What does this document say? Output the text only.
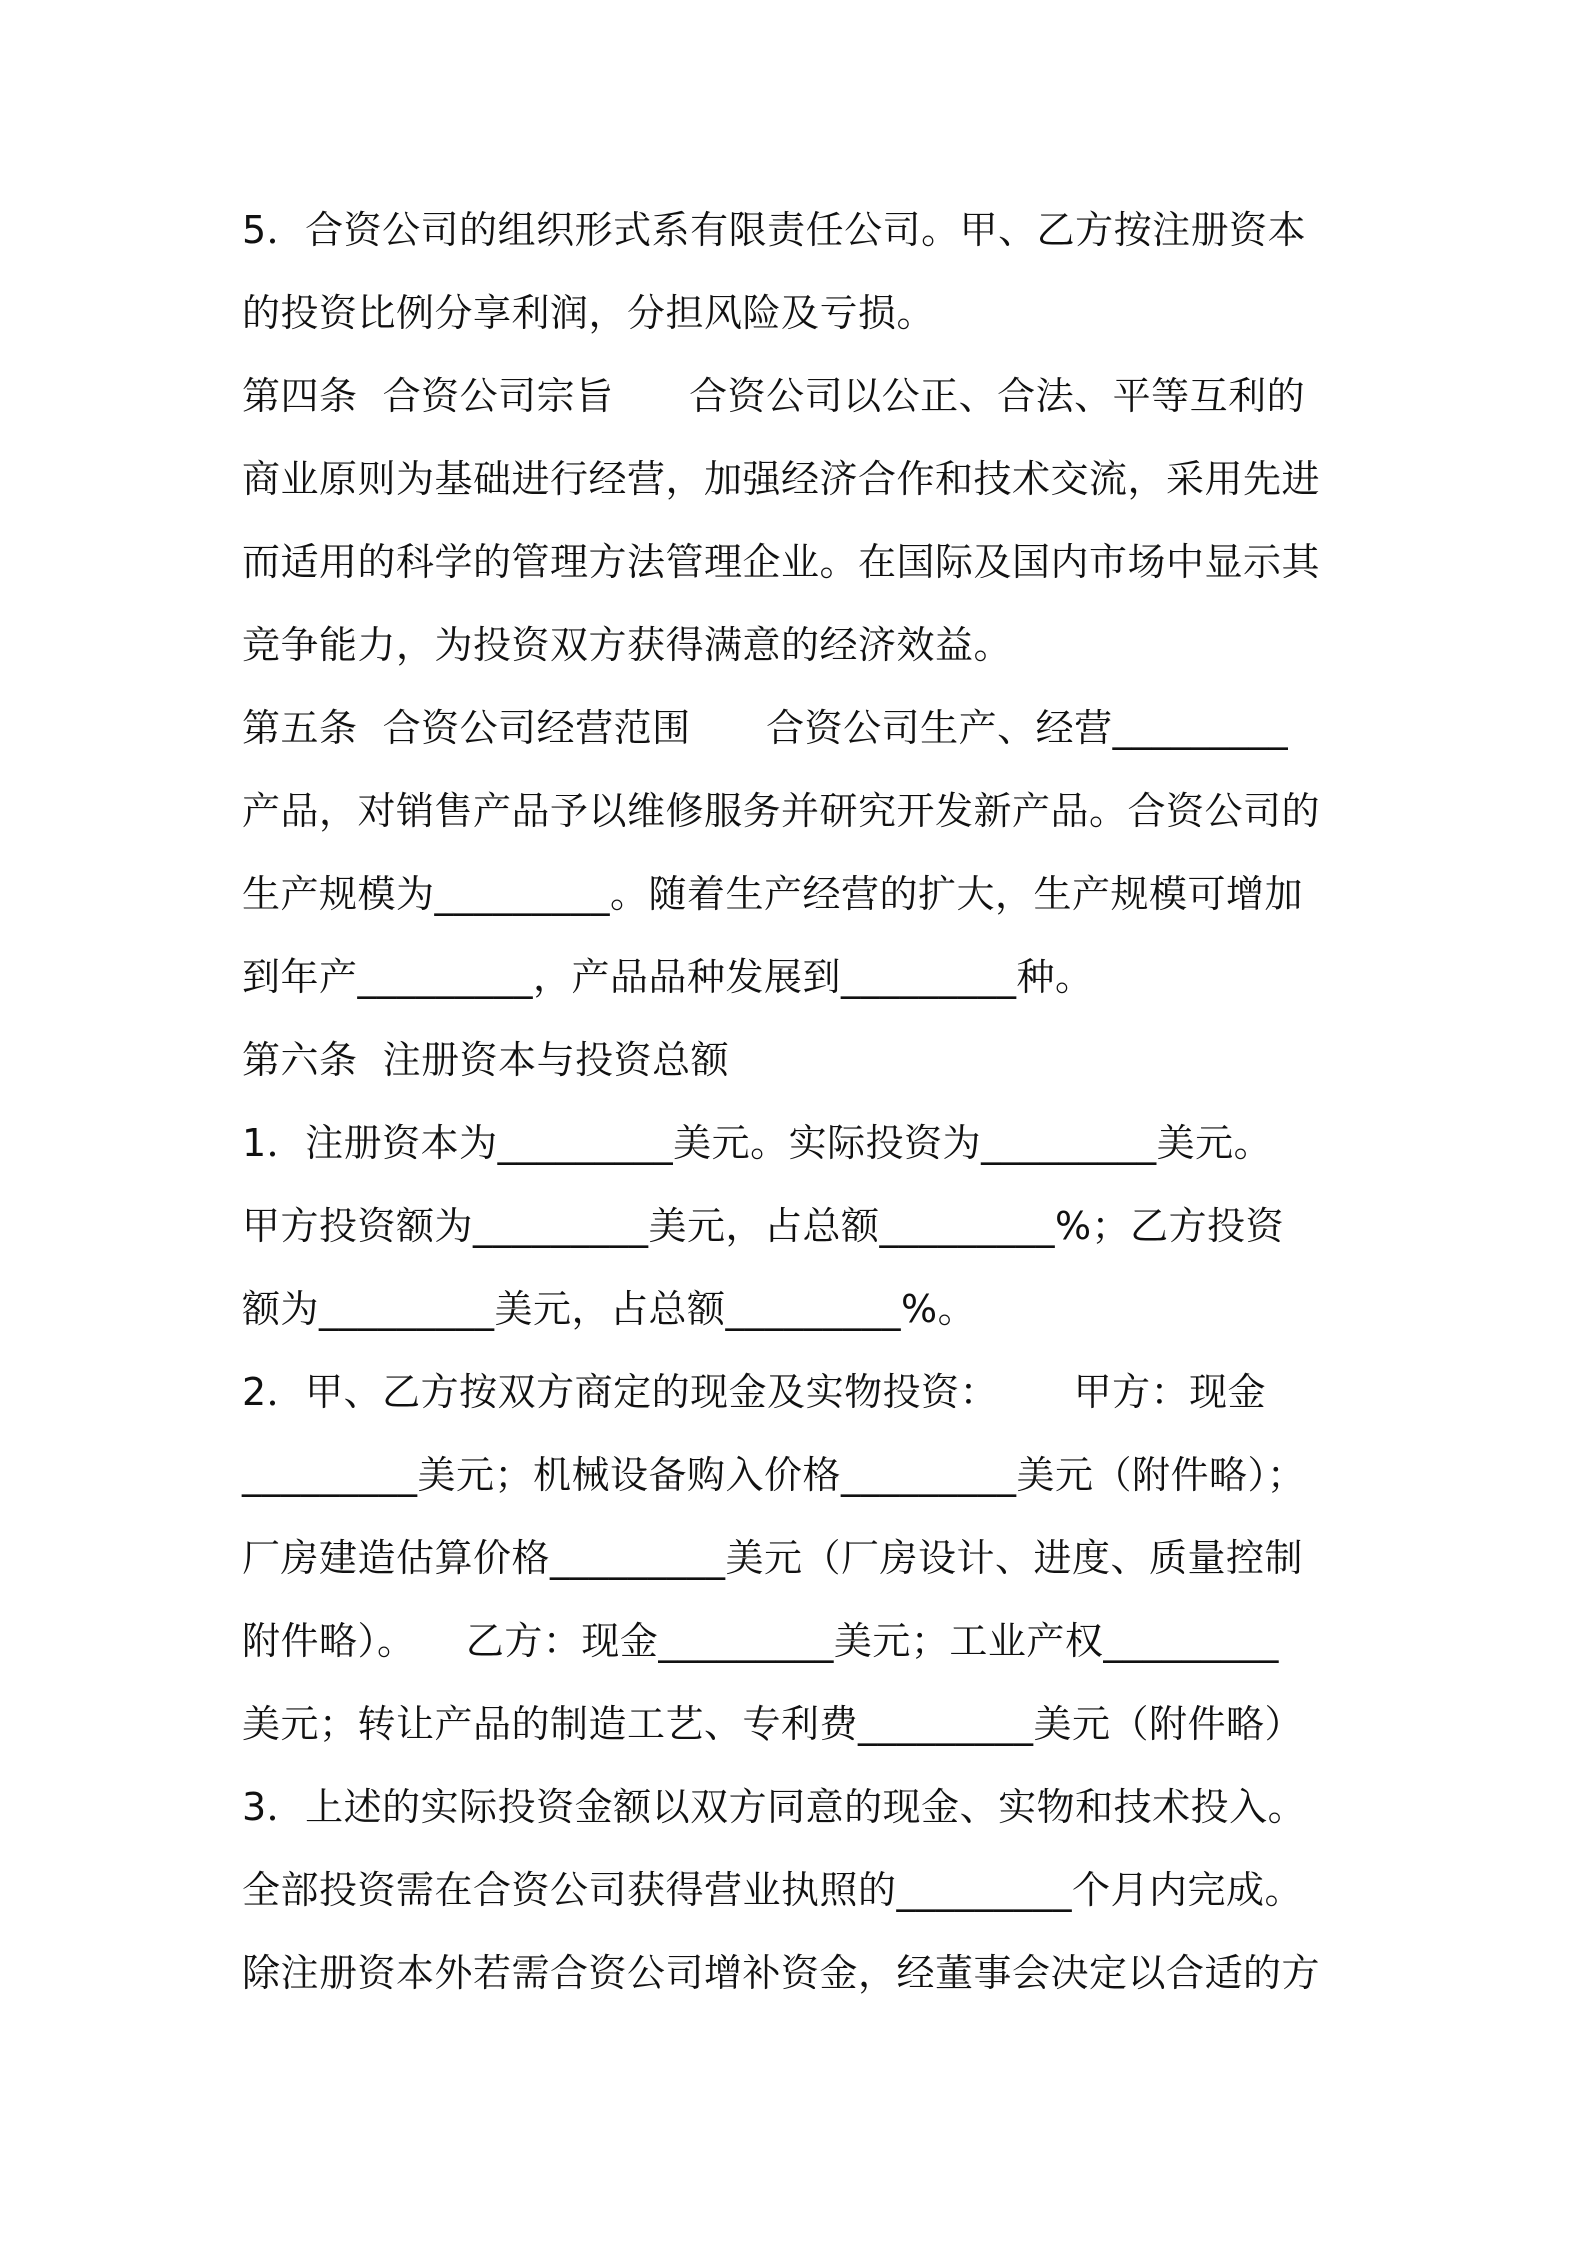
5．合资公司的组织形式系有限责任公司。甲、乙方按注册资本
的投资比例分享利润，分担风险及亏损。
第四条  合资公司宗旨      合资公司以公正、合法、平等互利的
商业原则为基础进行经营，加强经济合作和技术交流，采用先进
而适用的科学的管理方法管理企业。在国际及国内市场中显示其
竞争能力，为投资双方获得满意的经济效益。
第五条  合资公司经营范围      合资公司生产、经营_________
产品，对销售产品予以维修服务并研究开发新产品。合资公司的
生产规模为_________。随着生产经营的扩大，生产规模可增加
到年产_________，产品品种发展到_________种。
第六条  注册资本与投资总额
1．注册资本为_________美元。实际投资为_________美元。
甲方投资额为_________美元，占总额_________%；乙方投资
额为_________美元，占总额_________%。
2．甲、乙方按双方商定的现金及实物投资：      甲方：现金
_________美元；机械设备购入价格_________美元（附件略）；
厂房建造估算价格_________美元（厂房设计、进度、质量控制
附件略）。    乙方：现金_________美元；工业产权_________
美元；转让产品的制造工艺、专利费_________美元（附件略）
3．上述的实际投资金额以双方同意的现金、实物和技术投入。
全部投资需在合资公司获得营业执照的_________个月内完成。
除注册资本外若需合资公司增补资金，经董事会决定以合适的方
